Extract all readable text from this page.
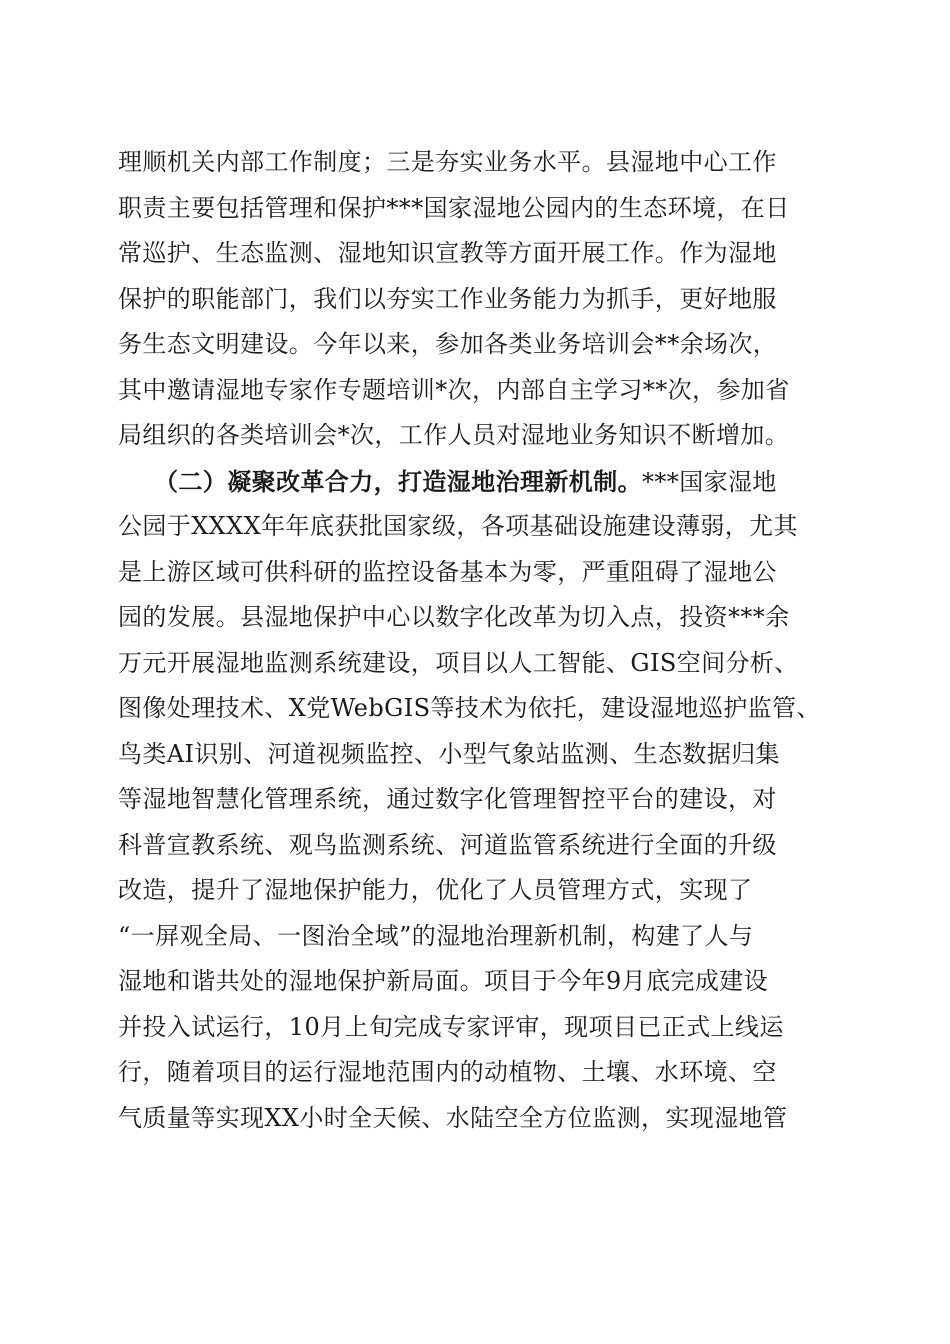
理顺机关内部工作制度；三是夯实业务水平。县湿地中心工作
职责主要包括管理和保护***国家湿地公园内的生态环境，在日
常巡护、生态监测、湿地知识宣教等方面开展工作。作为湿地
保护的职能部门，我们以夯实工作业务能力为抓手，更好地服
务生态文明建设。今年以来，参加各类业务培训会**余场次，
其中邀请湿地专家作专题培训*次，内部自主学习**次，参加省
局组织的各类培训会*次，工作人员对湿地业务知识不断增加。
（二）凝聚改革合力，打造湿地治理新机制。***国家湿地
公园于XXXX年年底获批国家级，各项基础设施建设薄弱，尤其
是上游区域可供科研的监控设备基本为零，严重阻碍了湿地公
园的发展。县湿地保护中心以数字化改革为切入点，投资***余
万元开展湿地监测系统建设，项目以人工智能、GIS空间分析、
图像处理技术、X党WebGIS等技术为依托，建设湿地巡护监管、
鸟类AI识别、河道视频监控、小型气象站监测、生态数据归集
等湿地智慧化管理系统，通过数字化管理智控平台的建设，对
科普宣教系统、观鸟监测系统、河道监管系统进行全面的升级
改造，提升了湿地保护能力，优化了人员管理方式，实现了
“一屏观全局、一图治全域”的湿地治理新机制，构建了人与
湿地和谐共处的湿地保护新局面。项目于今年9月底完成建设
并投入试运行，10月上旬完成专家评审，现项目已正式上线运
行，随着项目的运行湿地范围内的动植物、土壤、水环境、空
气质量等实现XX小时全天候、水陆空全方位监测，实现湿地管
